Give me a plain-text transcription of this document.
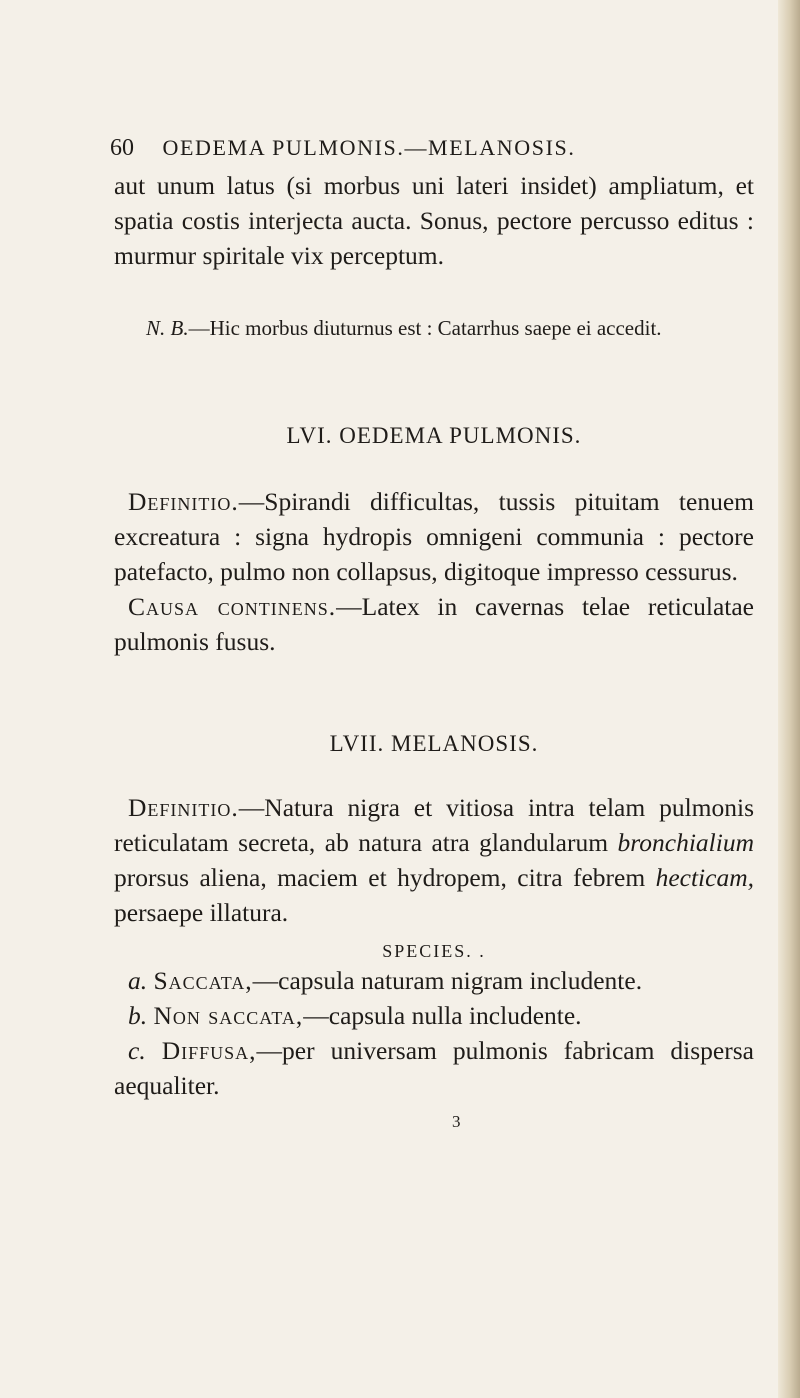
60 OEDEMA PULMONIS.—MELANOSIS.

aut unum latus (si morbus uni lateri insidet) ampliatum, et spatia costis interjecta aucta. Sonus, pectore percusso editus : murmur spiritale vix perceptum.

N. B.—Hic morbus diuturnus est : Catarrhus saepe ei accedit.

LVI. OEDEMA PULMONIS.

Definitio.—Spirandi difficultas, tussis pituitam tenuem excreatura : signa hydropis omnigeni communia : pectore patefacto, pulmo non collapsus, digitoque impresso cessurus.

Causa continens.—Latex in cavernas telae reticulatae pulmonis fusus.

LVII. MELANOSIS.

Definitio.—Natura nigra et vitiosa intra telam pulmonis reticulatam secreta, ab natura atra glandularum bronchialium prorsus aliena, maciem et hydropem, citra febrem hecticam, persaepe illatura.

SPECIES. .

a. Saccata,—capsula naturam nigram includente.

b. Non saccata,—capsula nulla includente.

c. Diffusa,—per universam pulmonis fabricam dispersa aequaliter.

3
